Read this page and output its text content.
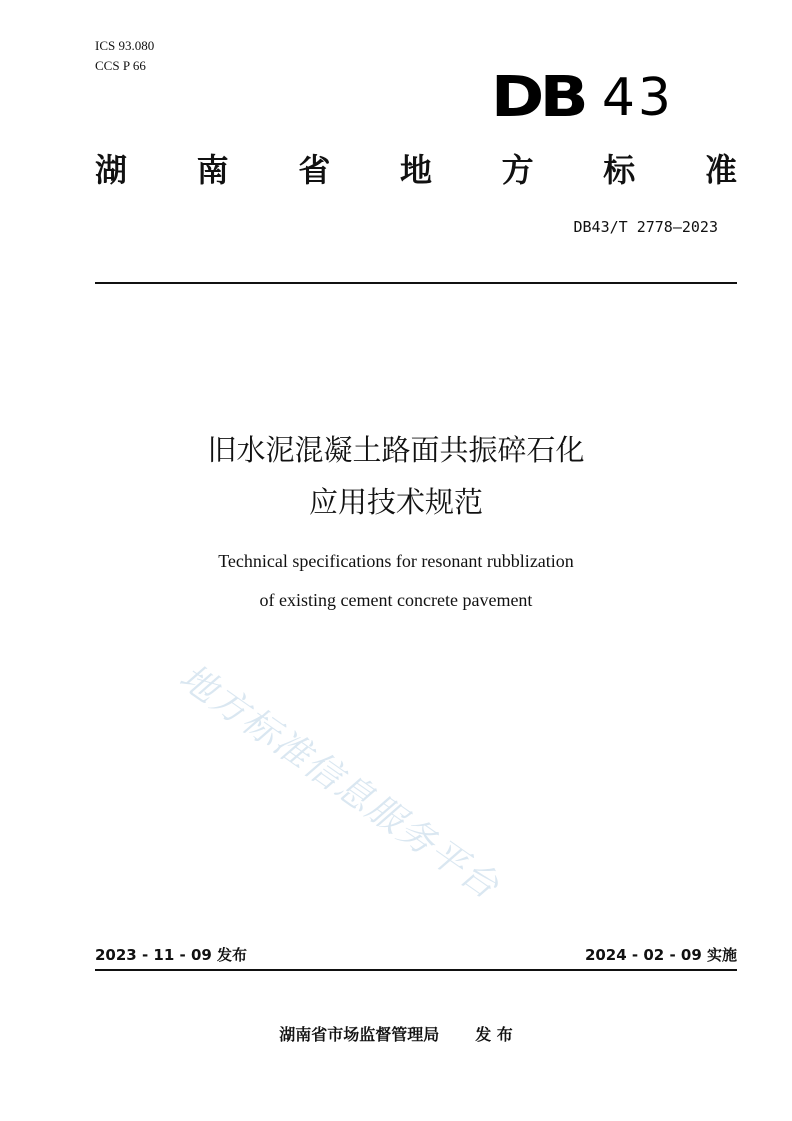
ICS 93.080
CCS P 66	DB 43
湖 南 省 地 方 标 准
DB43/T 2778—2023
旧水泥混凝土路面共振碎石化
应用技术规范
Technical specifications for resonant rubblization
of existing cement concrete pavement
地方标准信息服务平台
2023 - 11 - 09 发布	2024 - 02 - 09 实施
湖南省市场监督管理局 发 布
